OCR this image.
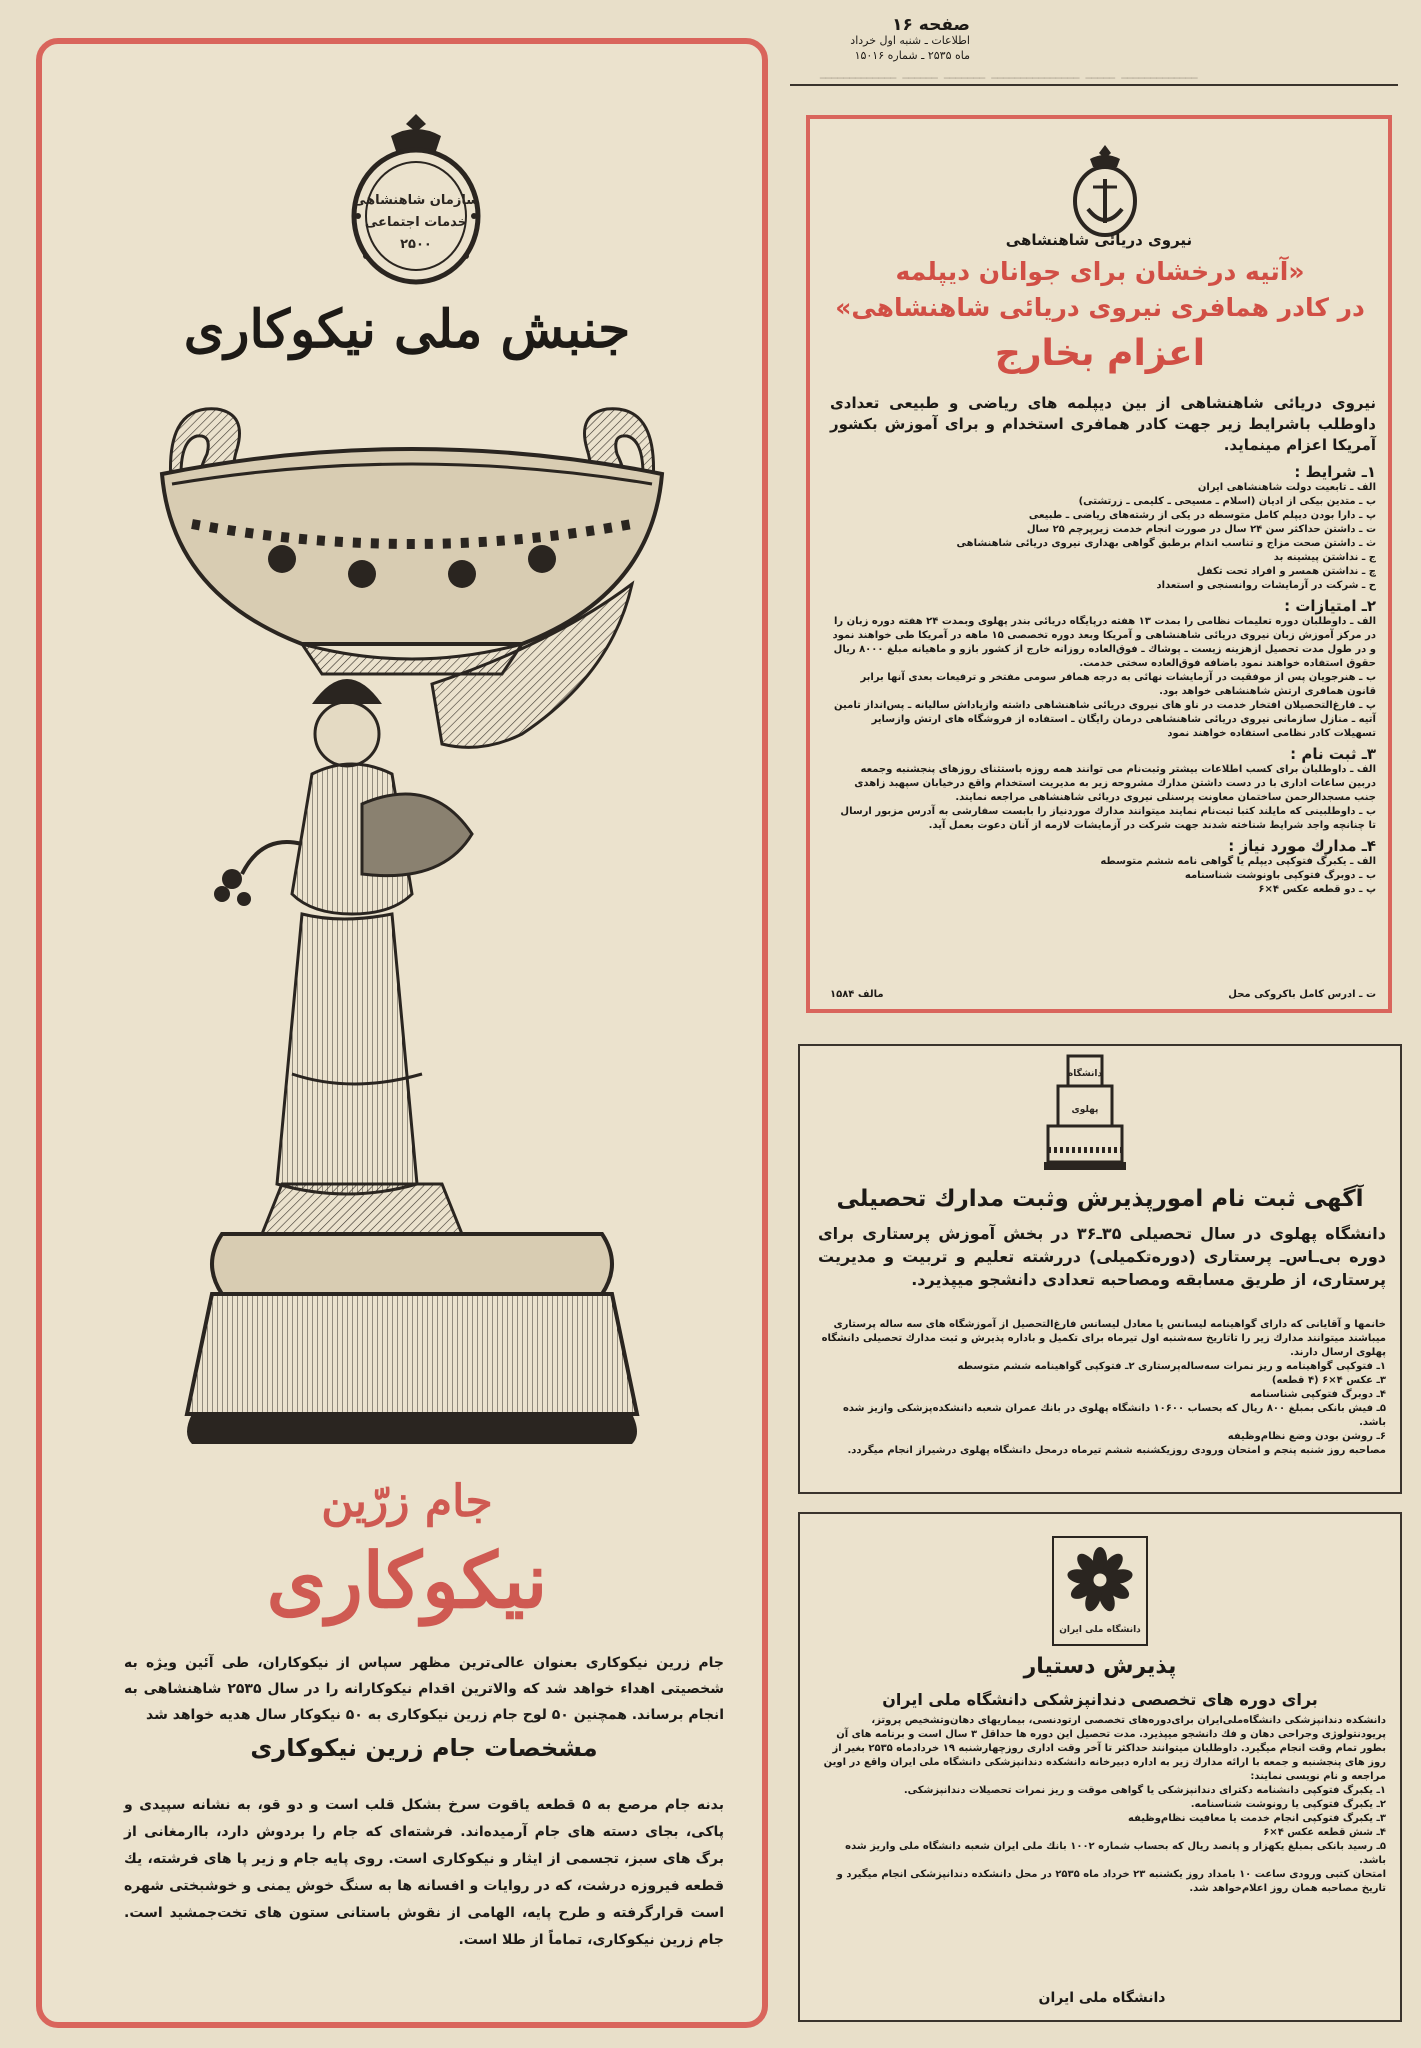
ـــــــــــــ ـــــ ـــــــــــــــ ـــــــ ــــــ ـــــــــــــ
صفحه ۱۶
اطلاعات ـ شنبه اول خرداد
ماه ۲۵۳۵ ـ شماره ۱۵۰۱۶
سازمان شاهنشاهی
خدمات اجتماعی
۲۵۰۰
جنبش ملی نیکوکاری
جام زرّین
نیکوکاری
جام زرین نیکوکاری بعنوان عالی‌ترین مظهر سپاس از نیکوکاران، طی آئین ویژه به شخصیتی اهداء خواهد شد که والاترین اقدام نیکوکارانه را در سال ۲۵۳۵ شاهنشاهی به انجام برساند. همچنین ۵۰ لوح جام زرین نیکوکاری به ۵۰ نیکوکار سال هدیه خواهد شد
مشخصات جام زرین نیکوکاری
بدنه جام مرصع به ۵ قطعه یاقوت سرخ بشکل قلب است و دو قو، به نشانه سپیدی و پاکی، بجای دسته های جام آرمیده‌اند. فرشته‌ای که جام را بردوش دارد، باارمغانی از برگ های سبز، تجسمی از ایثار و نیکوکاری است. روی پایه جام و زیر پا های فرشته، یك قطعه فیروزه درشت، که در روایات و افسانه ها به سنگ خوش یمنی و خوشبختی شهره است قرارگرفته و طرح پایه، الهامی از نقوش باستانی ستون های تخت‌جمشید است. جام زرین نیکوکاری، تماماً از طلا است.
نیروی دریائی شاهنشاهی
«آتیه درخشان برای جوانان دیپلمه
در کادر همافری نیروی دریائی شاهنشاهی»
اعزام بخارج
نیروی دریائی شاهنشاهی از بین دیپلمه های ریاضی و طبیعی تعدادی داوطلب باشرایط زیر جهت کادر همافری استخدام و برای آموزش بکشور آمریکا اعزام مینماید.
۱ـ شرایط :
الف ـ تابعیت دولت شاهنشاهی ایران
ب ـ متدین بیکی از ادیان (اسلام ـ مسیحی ـ کلیمی ـ زرتشتی)
پ ـ دارا بودن دیپلم کامل متوسطه در یکی از رشته‌های ریاضی ـ طبیعی
ت ـ داشتن حداکثر سن ۲۴ سال در صورت انجام خدمت زیرپرچم ۲۵ سال
ث ـ داشتن صحت مزاج و تناسب اندام برطبق گواهی بهداری نیروی دریائی شاهنشاهی
ج ـ نداشتن پیشینه بد
چ ـ نداشتن همسر و افراد تحت تکفل
ح ـ شرکت در آزمایشات روانسنجی و استعداد
۲ـ امتیازات :
الف ـ داوطلبان دوره تعلیمات نظامی را بمدت ۱۳ هفته درپایگاه دریائی بندر پهلوی وبمدت ۲۴ هفته دوره زبان را در مرکز آموزش زبان نیروی دریائی شاهنشاهی و آمریکا وبعد دوره تخصصی ۱۵ ماهه در آمریکا طی خواهند نمود و در طول مدت تحصیل ازهزینه زیست ـ پوشاك ـ فوق‌العاده روزانه خارج از کشور بازو و ماهیانه مبلغ ۸۰۰۰ ریال حقوق استفاده خواهند نمود باضافه فوق‌العاده سختی خدمت.
ب ـ هنرجویان پس از موفقیت در آزمایشات نهائی به درجه همافر سومی مفتخر و ترفیعات بعدی آنها برابر قانون همافری ارتش شاهنشاهی خواهد بود.
پ ـ فارغ‌التحصیلان افتخار خدمت در ناو های نیروی دریائی شاهنشاهی داشته وازپاداش سالیانه ـ پس‌انداز تامین آتیه ـ منازل سازمانی نیروی دریائی شاهنشاهی درمان رایگان ـ استفاده از فروشگاه های ارتش وازسایر تسهیلات کادر نظامی استفاده خواهند نمود
۳ـ ثبت نام :
الف ـ داوطلبان برای کسب اطلاعات بیشتر وثبت‌نام می توانند همه روزه باستثنای روزهای پنجشنبه وجمعه دربین ساعات اداری با در دست داشتن مدارك مشروحه زیر به مدیریت استخدام واقع درخیابان سپهبد زاهدی جنب مسجدالرحمن ساختمان معاونت پرسنلی نیروی دریائی شاهنشاهی مراجعه نمایند.
ب ـ داوطلبینی که مایلند کتبا ثبت‌نام نمایند میتوانند مدارك موردنیاز را بابست سفارشی به آدرس مزبور ارسال تا چنانچه واجد شرایط شناخته شدند جهت شرکت در آزمایشات لازمه از آنان دعوت بعمل آید.
۴ـ مدارك مورد نیاز :
الف ـ یکبرگ فتوکپی دیپلم یا گواهی نامه ششم متوسطه
ب ـ دوبرگ فتوکپی باونوشت شناسنامه
پ ـ دو قطعه عکس ۴×۶
ت ـ ادرس کامل باکروکی محل
مالف ۱۵۸۴
دانشگاه
پهلوی
آگهی ثبت نام امورپذیرش وثبت مدارك تحصیلی
دانشگاه پهلوی در سال تحصیلی ۳۵ـ۳۶ در بخش آموزش پرستاری برای دوره بی‌ـاس‌ـ پرستاری (دوره‌تکمیلی) دررشته تعلیم و تربیت و مدیریت پرستاری، از طریق مسابقه ومصاحبه تعدادی دانشجو میپذیرد.
خانمها و آقایانی که دارای گواهینامه لیسانس یا معادل لیسانس فارغ‌التحصیل از آموزشگاه های سه ساله پرستاری میباشند میتوانند مدارك زیر را تاتاریخ سه‌شنبه اول تیرماه برای تکمیل و باداره پذیرش و ثبت مدارك تحصیلی دانشگاه پهلوی ارسال دارند.
۱ـ فتوکپی گواهینامه و ریز نمرات سه‌ساله‌پرستاری ۲ـ فتوکپی گواهینامه ششم متوسطه
۳ـ عکس ۴×۶ (۴ قطعه)
۴ـ دوبرگ فتوکپی شناسنامه
۵ـ فیش بانکی بمبلغ ۸۰۰ ریال که بحساب ۱۰۶۰۰ دانشگاه پهلوی در بانك عمران شعبه دانشکده‌پزشکی وازیز شده باشد.
۶ـ روشن بودن وضع نظام‌وظیفه
مصاحبه روز شنبه پنجم و امتحان ورودی روزیکشنبه ششم تیرماه درمحل دانشگاه پهلوی درشیراز انجام میگردد.
دانشگاه ملی ایران
پذیرش دستیار
برای دوره های تخصصی دندانپزشکی دانشگاه ملی ایران
دانشکده دندانپزشکی دانشگاه‌ملی‌ایران برای‌دوره‌های تخصصی ارتودنسی، بیماریهای دهان‌وتشخیص پروتز، پریودنتولوژی وجراحی دهان و فك دانشجو میپذیرد. مدت تحصیل این دوره ها حداقل ۳ سال است و برنامه های آن بطور تمام وقت انجام میگیرد. داوطلبان میتوانند حداکثر تا آخر وقت اداری روزچهارشنبه ۱۹ خردادماه ۲۵۳۵ بغیر از روز های پنجشنبه و جمعه با ارائه مدارك زیر به اداره دبیرخانه دانشکده دندانپزشکی دانشگاه ملی ایران واقع در اوین مراجعه و نام نویسی نمایند:
۱ـ یکبرگ فتوکپی دانشنامه دکترای دندانپزشکی یا گواهی موقت و ریز نمرات تحصیلات دندانپزشکی.
۲ـ یکبرگ فتوکپی یا رونوشت شناسنامه.
۳ـ یکبرگ فتوکپی انجام خدمت یا معافیت نظام‌وظیفه
۴ـ شش قطعه عکس ۴×۶
۵ـ رسید بانکی بمبلغ یکهزار و پانصد ریال که بحساب شماره ۱۰۰۲ بانك ملی ایران شعبه دانشگاه ملی واریز شده باشد.
امتحان کتبی ورودی ساعت ۱۰ بامداد روز یکشنبه ۲۳ خرداد ماه ۲۵۳۵ در محل دانشکده دندانپزشکی انجام میگیرد و تاریخ مصاحبه همان روز اعلام‌خواهد شد.
دانشگاه ملی ایران
